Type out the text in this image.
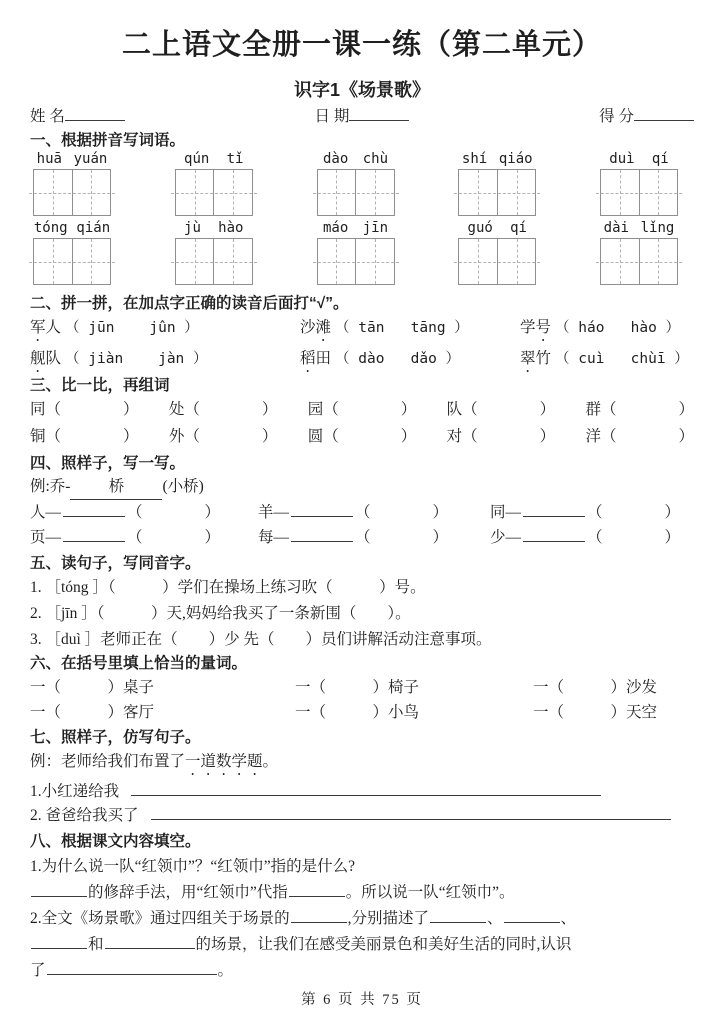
二上语文全册一课一练（第二单元）
识字1《场景歌》
姓 名	日 期	得 分
一、根据拼音写词语。
huā yuán	qún tǐ	dào chù	shí qiáo	duì qí
tóng qián	jù hào	máo jīn	guó qí	dài lǐng
二、拼一拼，在加点字正确的读音后面打“√”。
军人 （ jūn    jûn ）	沙滩 （ tān   tāng ）	学号 （ háo   hào ）
舰队 （ jiàn    jàn ）	稻田 （ dào   dǎo ）	翠竹 （ cuì   chùī ）
三、比一比，再组词
同（　　　　） 处（　　　　） 园（　　　　） 队（　　　　） 群（　　　　）
铜（　　　　） 外（　　　　） 圆（　　　　） 对（　　　　） 洋（　　　　）
四、照样子，写一写。
例:乔- 桥 (小桥)
人—	（　　　　）	羊—	（　　　　）	同—	（　　　　）
页—	（　　　　）	每—	（　　　　）	少—	（　　　　）
五、读句子，写同音字。
1. ［tóng ］（　　　）学们在操场上练习吹（　　　）号。
2. ［jīn ］（　　　）天,妈妈给我买了一条新围（　　）。
3. ［duì ］老师正在（　　）少 先（　　）员们讲解活动注意事项。
六、在括号里填上恰当的量词。
一（　　　）桌子	一（　　　）椅子	一（　　　）沙发
一（　　　）客厅	一（　　　）小鸟	一（　　　）天空
七、照样子，仿写句子。
例：老师给我们布置了一道数学题。
1.小红递给我
2. 爸爸给我买了
八、根据课文内容填空。
1.为什么说一队“红领巾”？“红领巾”指的是什么?
的修辞手法，用“红领巾”代指	。所以说一队“红领巾”。
2.全文《场景歌》通过四组关于场景的	,分别描述了	、	、
和	的场景，让我们在感受美丽景色和美好生活的同时,认识
了	。
第 6 页 共 75 页
